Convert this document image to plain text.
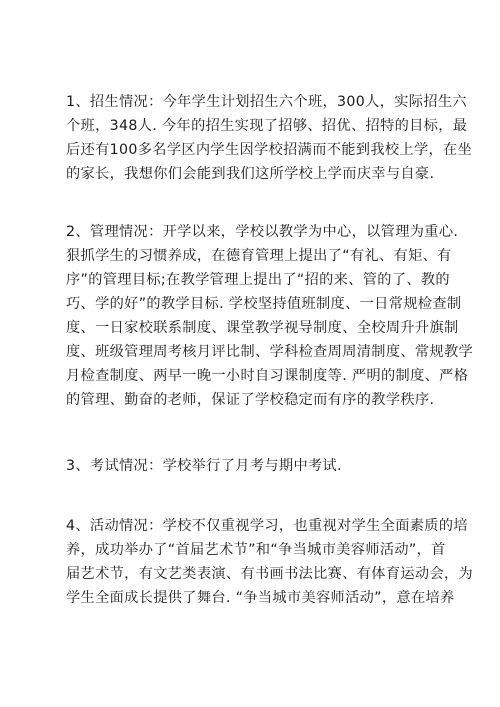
1、招生情况：今年学生计划招生六个班，300人，实际招生六
个班，348人. 今年的招生实现了招够、招优、招特的目标，最
后还有100多名学区内学生因学校招满而不能到我校上学，在坐
的家长，我想你们会能到我们这所学校上学而庆幸与自豪.
2、管理情况：开学以来，学校以教学为中心，以管理为重心.
狠抓学生的习惯养成，在德育管理上提出了“有礼、有矩、有
序”的管理目标;在教学管理上提出了“招的来、管的了、教的
巧、学的好”的教学目标. 学校坚持值班制度、一日常规检查制
度、一日家校联系制度、课堂教学视导制度、全校周升升旗制
度、班级管理周考核月评比制、学科检查周周清制度、常规教学
月检查制度、两早一晚一小时自习课制度等. 严明的制度、严格
的管理、勤奋的老师，保证了学校稳定而有序的教学秩序.
3、考试情况：学校举行了月考与期中考试.
4、活动情况：学校不仅重视学习，也重视对学生全面素质的培
养，成功举办了“首届艺术节”和“争当城市美容师活动”，首
届艺术节，有文艺类表演、有书画书法比赛、有体育运动会，为
学生全面成长提供了舞台. “争当城市美容师活动”，意在培养
